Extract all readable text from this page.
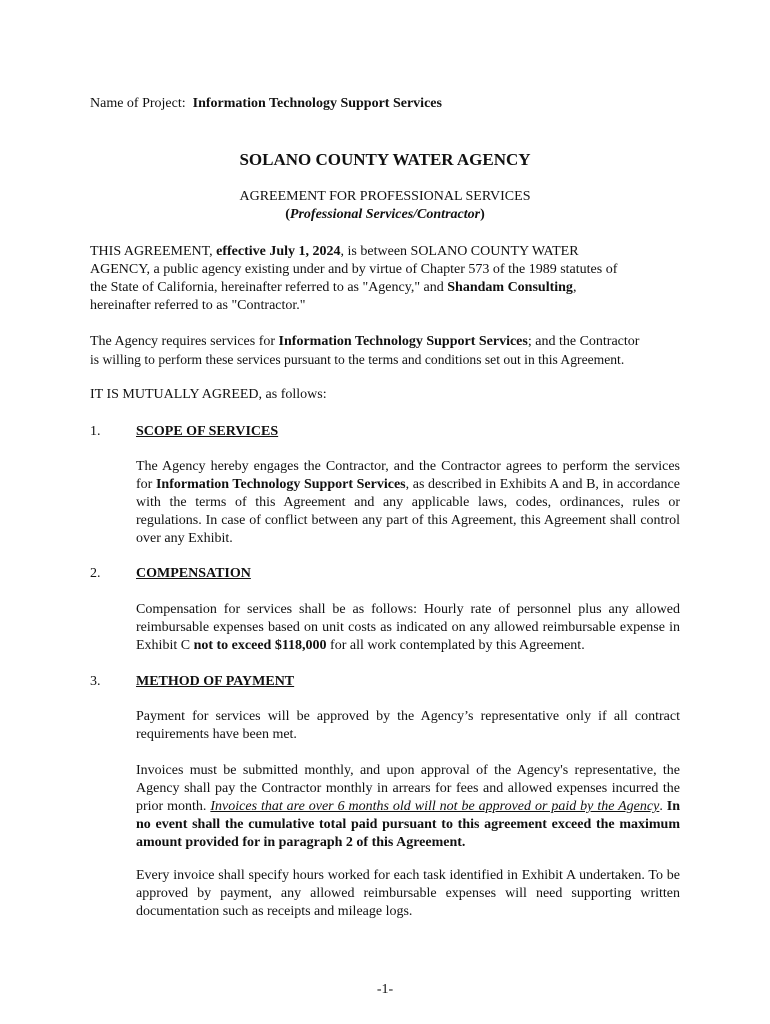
Name of Project: Information Technology Support Services
SOLANO COUNTY WATER AGENCY
AGREEMENT FOR PROFESSIONAL SERVICES
(Professional Services/Contractor)
THIS AGREEMENT, effective July 1, 2024, is between SOLANO COUNTY WATER
AGENCY, a public agency existing under and by virtue of Chapter 573 of the 1989 statutes of
the State of California, hereinafter referred to as "Agency," and Shandam Consulting,
hereinafter referred to as "Contractor."
The Agency requires services for Information Technology Support Services; and the Contractor
is willing to perform these services pursuant to the terms and conditions set out in this Agreement.
IT IS MUTUALLY AGREED, as follows:
1.	SCOPE OF SERVICES

The Agency hereby engages the Contractor, and the Contractor agrees to perform the services for Information Technology Support Services, as described in Exhibits A and B, in accordance with the terms of this Agreement and any applicable laws, codes, ordinances, rules or regulations. In case of conflict between any part of this Agreement, this Agreement shall control over any Exhibit.

2.	COMPENSATION

Compensation for services shall be as follows: Hourly rate of personnel plus any allowed reimbursable expenses based on unit costs as indicated on any allowed reimbursable expense in Exhibit C not to exceed $118,000 for all work contemplated by this Agreement.

3.	METHOD OF PAYMENT

Payment for services will be approved by the Agency’s representative only if all contract requirements have been met.

Invoices must be submitted monthly, and upon approval of the Agency's representative, the Agency shall pay the Contractor monthly in arrears for fees and allowed expenses incurred the prior month. Invoices that are over 6 months old will not be approved or paid by the Agency. In no event shall the cumulative total paid pursuant to this agreement exceed the maximum amount provided for in paragraph 2 of this Agreement.

Every invoice shall specify hours worked for each task identified in Exhibit A undertaken. To be approved by payment, any allowed reimbursable expenses will need supporting written documentation such as receipts and mileage logs.

-1-
